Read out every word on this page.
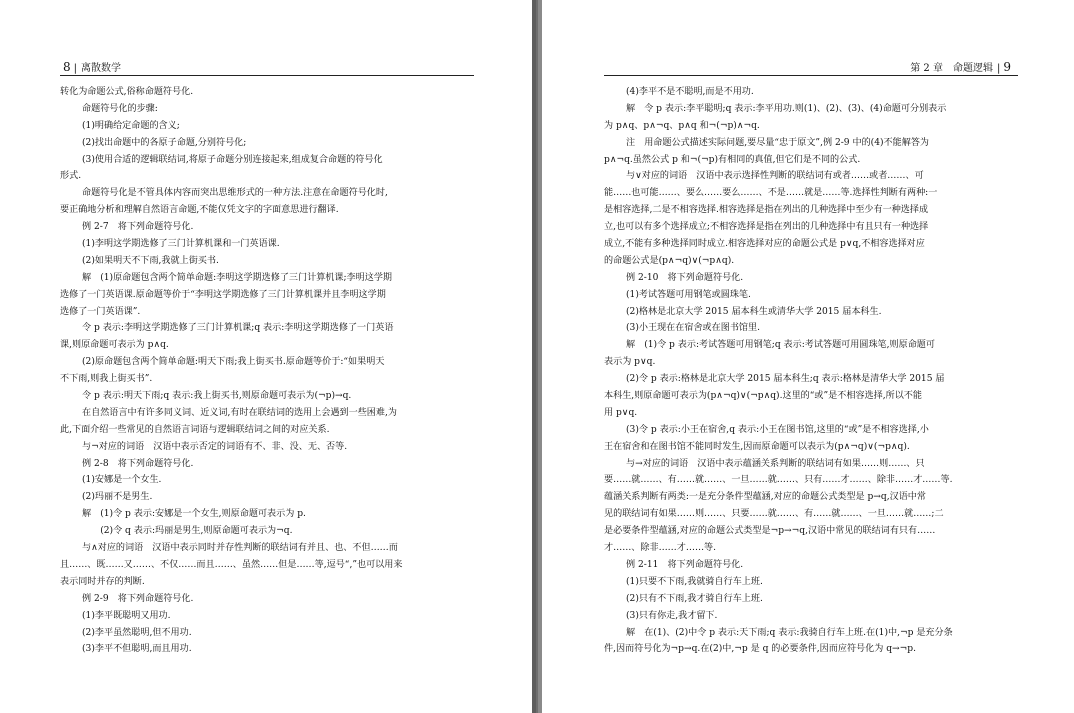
8 | 离散数学
转化为命题公式,俗称命题符号化.
命题符号化的步骤:
(1)明确给定命题的含义;
(2)找出命题中的各原子命题,分别符号化;
(3)使用合适的逻辑联结词,将原子命题分别连接起来,组成复合命题的符号化
形式.
命题符号化是不管具体内容而突出思维形式的一种方法.注意在命题符号化时,
要正确地分析和理解自然语言命题,不能仅凭文字的字面意思进行翻译.
例 2-7　将下列命题符号化.
(1)李明这学期选修了三门计算机课和一门英语课.
(2)如果明天不下雨,我就上街买书.
解　(1)原命题包含两个简单命题:李明这学期选修了三门计算机课;李明这学期
选修了一门英语课.原命题等价于“李明这学期选修了三门计算机课并且李明这学期
选修了一门英语课”.
令 p 表示:李明这学期选修了三门计算机课;q 表示:李明这学期选修了一门英语
课,则原命题可表示为 p∧q.
(2)原命题包含两个简单命题:明天下雨;我上街买书.原命题等价于:“如果明天
不下雨,则我上街买书”.
令 p 表示:明天下雨;q 表示:我上街买书,则原命题可表示为(¬p)→q.
在自然语言中有许多同义词、近义词,有时在联结词的选用上会遇到一些困难,为
此,下面介绍一些常见的自然语言词语与逻辑联结词之间的对应关系.
与¬对应的词语　汉语中表示否定的词语有不、非、没、无、否等.
例 2-8　将下列命题符号化.
(1)安娜是一个女生.
(2)玛丽不是男生.
解　(1)令 p 表示:安娜是一个女生,则原命题可表示为 p.
　　(2)令 q 表示:玛丽是男生,则原命题可表示为¬q.
与∧对应的词语　汉语中表示同时并存性判断的联结词有并且、也、不但……而
且……、既……又……、不仅……而且……、虽然……但是……等,逗号“,”也可以用来
表示同时并存的判断.
例 2-9　将下列命题符号化.
(1)李平既聪明又用功.
(2)李平虽然聪明,但不用功.
(3)李平不但聪明,而且用功.
第 2 章　命题逻辑 | 9
(4)李平不是不聪明,而是不用功.
解　令 p 表示:李平聪明;q 表示:李平用功.则(1)、(2)、(3)、(4)命题可分别表示
为 p∧q、p∧¬q、p∧q 和¬(¬p)∧¬q.
注　用命题公式描述实际问题,要尽量“忠于原文”,例 2-9 中的(4)不能解答为
p∧¬q.虽然公式 p 和¬(¬p)有相同的真值,但它们是不同的公式.
与∨对应的词语　汉语中表示选择性判断的联结词有或者……或者……、可
能……也可能……、要么……要么……、不是……就是……等.选择性判断有两种:一
是相容选择,二是不相容选择.相容选择是指在列出的几种选择中至少有一种选择成
立,也可以有多个选择成立;不相容选择是指在列出的几种选择中有且只有一种选择
成立,不能有多种选择同时成立.相容选择对应的命题公式是 p∨q,不相容选择对应
的命题公式是(p∧¬q)∨(¬p∧q).
例 2-10　将下列命题符号化.
(1)考试答题可用钢笔或圆珠笔.
(2)格林是北京大学 2015 届本科生或清华大学 2015 届本科生.
(3)小王现在在宿舍或在图书馆里.
解　(1)令 p 表示:考试答题可用钢笔;q 表示:考试答题可用圆珠笔,则原命题可
表示为 p∨q.
(2)令 p 表示:格林是北京大学 2015 届本科生;q 表示:格林是清华大学 2015 届
本科生,则原命题可表示为(p∧¬q)∨(¬p∧q).这里的“或”是不相容选择,所以不能
用 p∨q.
(3)令 p 表示:小王在宿舍,q 表示:小王在图书馆,这里的“或”是不相容选择,小
王在宿舍和在图书馆不能同时发生,因而原命题可以表示为(p∧¬q)∨(¬p∧q).
与→对应的词语　汉语中表示蕴涵关系判断的联结词有如果……则……、只
要……就……、有……就……、一旦……就……、只有……才……、除非……才……等.
蕴涵关系判断有两类:一是充分条件型蕴涵,对应的命题公式类型是 p→q,汉语中常
见的联结词有如果……则……、只要……就……、有……就……、一旦……就……;二
是必要条件型蕴涵,对应的命题公式类型是¬p→¬q,汉语中常见的联结词有只有……
才……、除非……才……等.
例 2-11　将下列命题符号化.
(1)只要不下雨,我就骑自行车上班.
(2)只有不下雨,我才骑自行车上班.
(3)只有你走,我才留下.
解　在(1)、(2)中令 p 表示:天下雨;q 表示:我骑自行车上班.在(1)中,¬p 是充分条
件,因而符号化为¬p→q.在(2)中,¬p 是 q 的必要条件,因而应符号化为 q→¬p.
